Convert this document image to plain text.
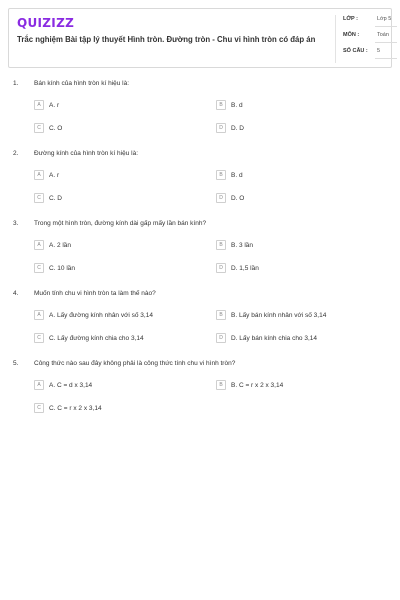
QUIZIZZ
Trắc nghiệm Bài tập lý thuyết Hình tròn. Đường tròn - Chu vi hình tròn có đáp án
LỚP :	Lớp 5
MÔN :	Toán
SỐ CÂU : 5
1. Bán kính của hình tròn kí hiệu là:
A	A. r	B	B. d
C	C. O	D	D. D
2. Đường kính của hình tròn kí hiệu là:
A	A. r	B	B. d
C	C. D	D	D. O
3. Trong một hình tròn, đường kính dài gấp mấy lần bán kính?
A	A. 2 lần	B	B. 3 lần
C	C. 10 lần	D	D. 1,5 lần
4. Muốn tính chu vi hình tròn ta làm thế nào?
A	A. Lấy đường kính nhân với số 3,14	B	B. Lấy bán kính nhân với số 3,14
C	C. Lấy đường kính chia cho 3,14	D	D. Lấy bán kính chia cho 3,14
5. Công thức nào sau đây không phải là công thức tính chu vi hình tròn?
A	A. C = d x 3,14	B	B. C = r x 2 x 3,14
C	C. C = r x 2 x 3,14
